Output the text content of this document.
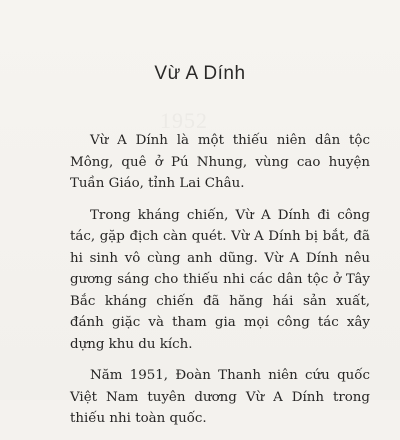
1952
Vừ A Dính

Vừ A Dính là một thiếu niên dân tộc Mông, quê ở Pú Nhung, vùng cao huyện Tuần Giáo, tỉnh Lai Châu.

Trong kháng chiến, Vừ A Dính đi công tác, gặp địch càn quét. Vừ A Dính bị bắt, đã hi sinh vô cùng anh dũng. Vừ A Dính nêu gương sáng cho thiếu nhi các dân tộc ở Tây Bắc kháng chiến đã hăng hái sản xuất, đánh giặc và tham gia mọi công tác xây dựng khu du kích.

Năm 1951, Đoàn Thanh niên cứu quốc Việt Nam tuyên dương Vừ A Dính trong thiếu nhi toàn quốc.
